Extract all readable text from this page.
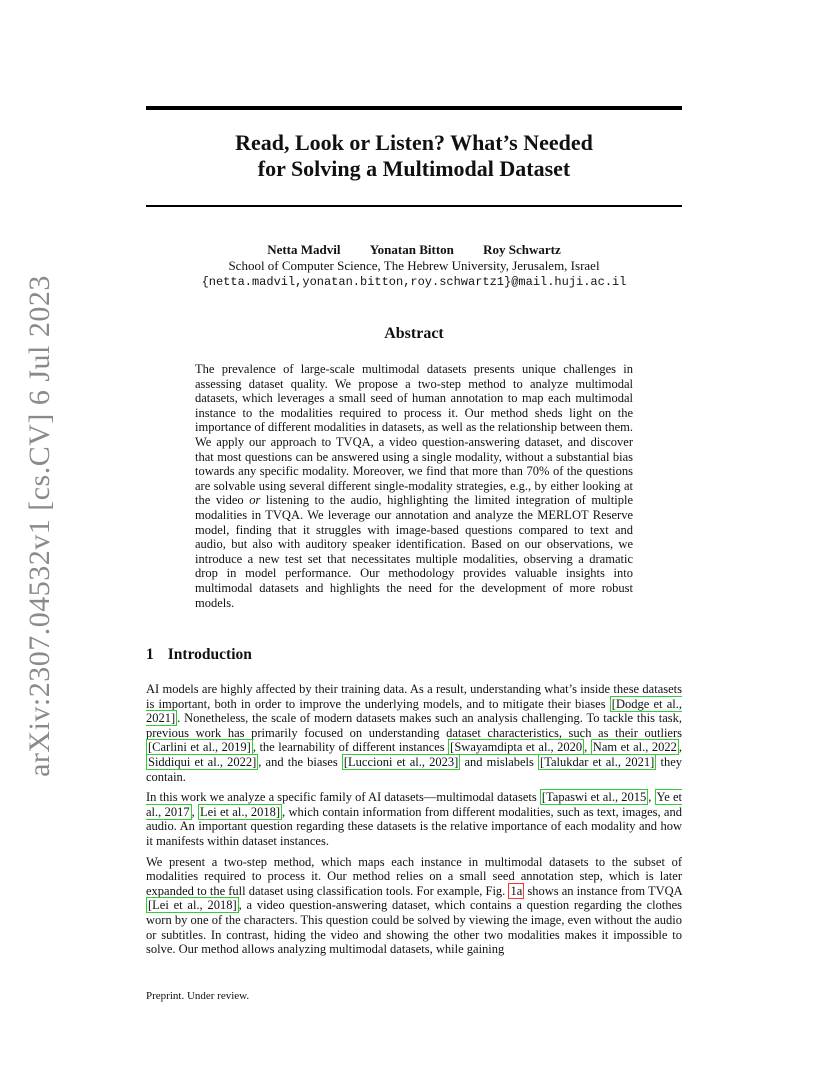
arXiv:2307.04532v1 [cs.CV] 6 Jul 2023
Read, Look or Listen? What’s Needed
for Solving a Multimodal Dataset
Netta Madvil Yonatan Bitton Roy Schwartz
School of Computer Science, The Hebrew University, Jerusalem, Israel
{netta.madvil,yonatan.bitton,roy.schwartz1}@mail.huji.ac.il
Abstract

The prevalence of large-scale multimodal datasets presents unique challenges in assessing dataset quality. We propose a two-step method to analyze multimodal datasets, which leverages a small seed of human annotation to map each multimodal instance to the modalities required to process it. Our method sheds light on the importance of different modalities in datasets, as well as the relationship between them. We apply our approach to TVQA, a video question-answering dataset, and discover that most questions can be answered using a single modality, without a substantial bias towards any specific modality. Moreover, we find that more than 70% of the questions are solvable using several different single-modality strategies, e.g., by either looking at the video or listening to the audio, highlighting the limited integration of multiple modalities in TVQA. We leverage our annotation and analyze the MERLOT Reserve model, finding that it struggles with image-based questions compared to text and audio, but also with auditory speaker identification. Based on our observations, we introduce a new test set that necessitates multiple modalities, observing a dramatic drop in model performance. Our methodology provides valuable insights into multimodal datasets and highlights the need for the development of more robust models.

1 Introduction

AI models are highly affected by their training data. As a result, understanding what’s inside these datasets is important, both in order to improve the underlying models, and to mitigate their biases [Dodge et al., 2021] . Nonetheless, the scale of modern datasets makes such an analysis challenging. To tackle this task, previous work has primarily focused on understanding dataset characteristics, such as their outliers [Carlini et al., 2019] , the learnability of different instances [Swayamdipta et al., 2020 , Nam et al., 2022 , Siddiqui et al., 2022] , and the biases [Luccioni et al., 2023] and mislabels [Talukdar et al., 2021] they contain.

In this work we analyze a specific family of AI datasets—multimodal datasets [Tapaswi et al., 2015 , Ye et al., 2017 , Lei et al., 2018] , which contain information from different modalities, such as text, images, and audio. An important question regarding these datasets is the relative importance of each modality and how it manifests within dataset instances.

We present a two-step method, which maps each instance in multimodal datasets to the subset of modalities required to process it. Our method relies on a small seed annotation step, which is later expanded to the full dataset using classification tools. For example, Fig. 1a shows an instance from TVQA [Lei et al., 2018] , a video question-answering dataset, which contains a question regarding the clothes worn by one of the characters. This question could be solved by viewing the image, even without the audio or subtitles. In contrast, hiding the video and showing the other two modalities makes it impossible to solve. Our method allows analyzing multimodal datasets, while gaining

Preprint. Under review.
